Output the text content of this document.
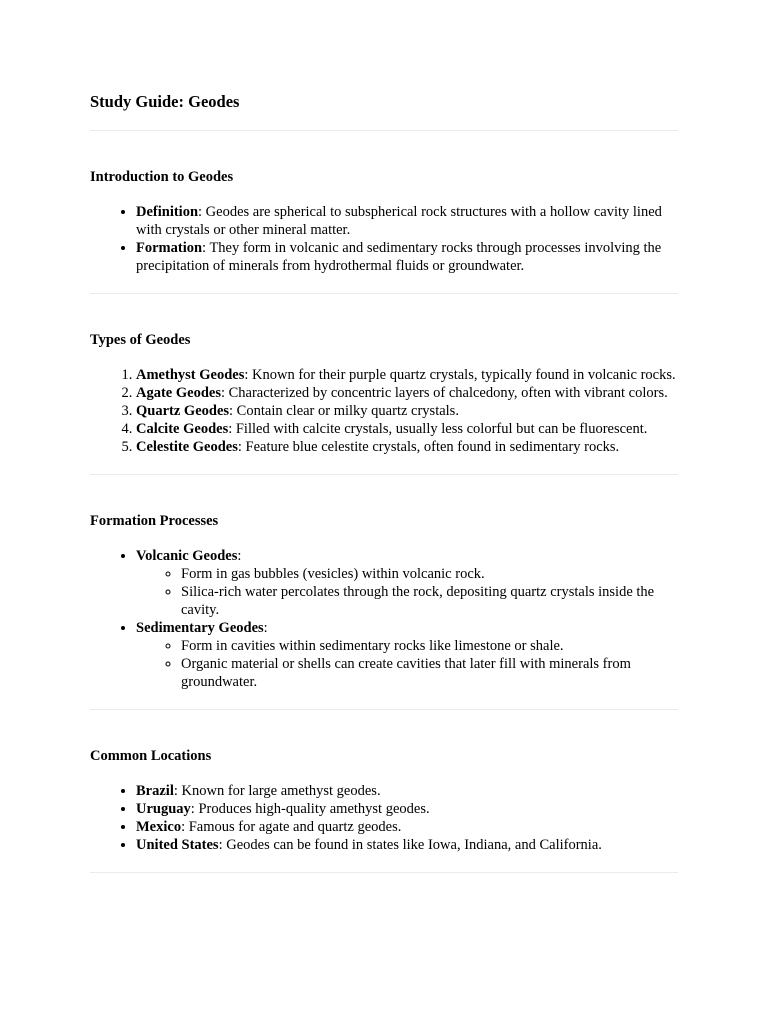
Study Guide: Geodes
Introduction to Geodes
• Definition: Geodes are spherical to subspherical rock structures with a hollow cavity lined with crystals or other mineral matter.
• Formation: They form in volcanic and sedimentary rocks through processes involving the precipitation of minerals from hydrothermal fluids or groundwater.
Types of Geodes
1. Amethyst Geodes: Known for their purple quartz crystals, typically found in volcanic rocks.
2. Agate Geodes: Characterized by concentric layers of chalcedony, often with vibrant colors.
3. Quartz Geodes: Contain clear or milky quartz crystals.
4. Calcite Geodes: Filled with calcite crystals, usually less colorful but can be fluorescent.
5. Celestite Geodes: Feature blue celestite crystals, often found in sedimentary rocks.
Formation Processes
• Volcanic Geodes:
◦ Form in gas bubbles (vesicles) within volcanic rock.
◦ Silica-rich water percolates through the rock, depositing quartz crystals inside the cavity.
• Sedimentary Geodes:
◦ Form in cavities within sedimentary rocks like limestone or shale.
◦ Organic material or shells can create cavities that later fill with minerals from groundwater.
Common Locations
• Brazil: Known for large amethyst geodes.
• Uruguay: Produces high-quality amethyst geodes.
• Mexico: Famous for agate and quartz geodes.
• United States: Geodes can be found in states like Iowa, Indiana, and California.
